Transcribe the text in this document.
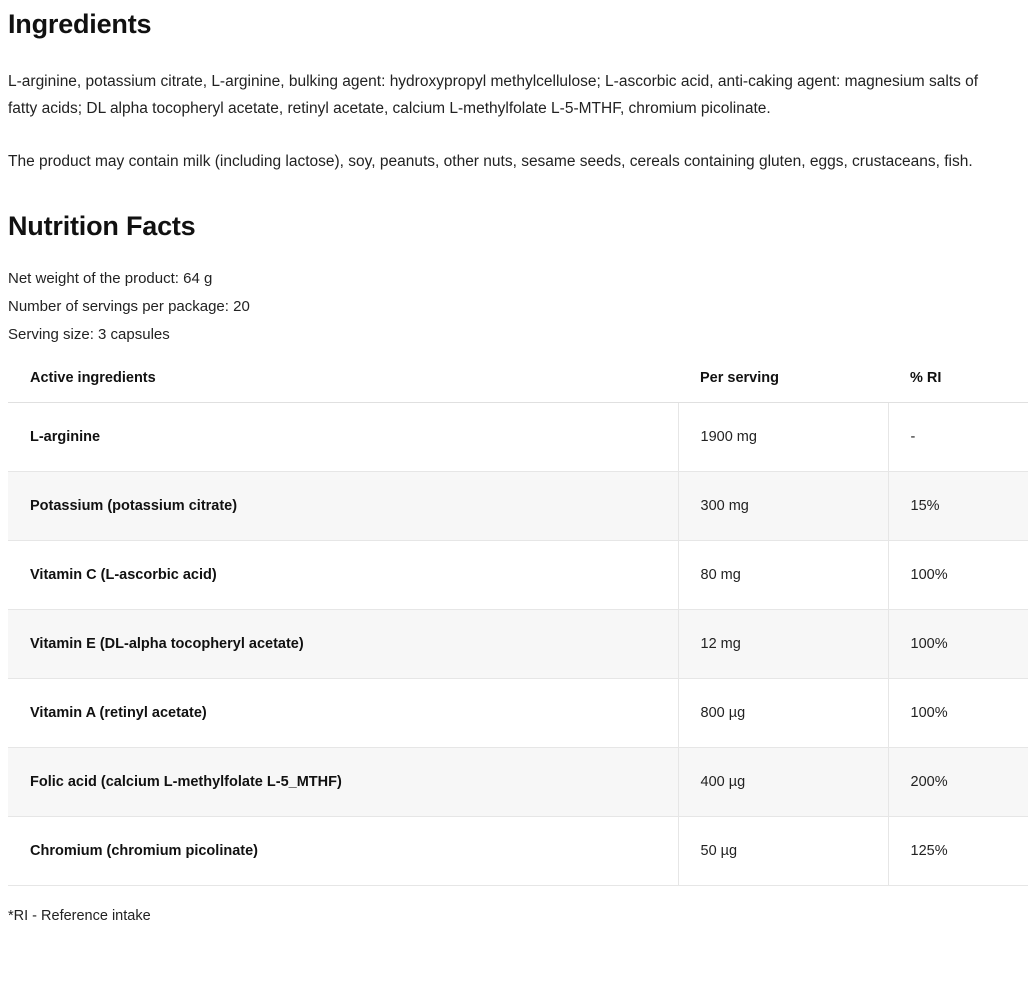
Ingredients

L-arginine, potassium citrate, L-arginine, bulking agent: hydroxypropyl methylcellulose; L-ascorbic acid, anti-caking agent: magnesium salts of fatty acids; DL alpha tocopheryl acetate, retinyl acetate, calcium L-methylfolate L-5-MTHF, chromium picolinate.

The product may contain milk (including lactose), soy, peanuts, other nuts, sesame seeds, cereals containing gluten, eggs, crustaceans, fish.

Nutrition Facts
Net weight of the product: 64 g
Number of servings per package: 20
Serving size: 3 capsules
Active ingredients	Per serving	% RI
L-arginine	1900 mg	-
Potassium (potassium citrate)	300 mg	15%
Vitamin C (L-ascorbic acid)	80 mg	100%
Vitamin E (DL-alpha tocopheryl acetate)	12 mg	100%
Vitamin A (retinyl acetate)	800 µg	100%
Folic acid (calcium L-methylfolate L-5_MTHF)	400 µg	200%
Chromium (chromium picolinate)	50 µg	125%
*RI - Reference intake
